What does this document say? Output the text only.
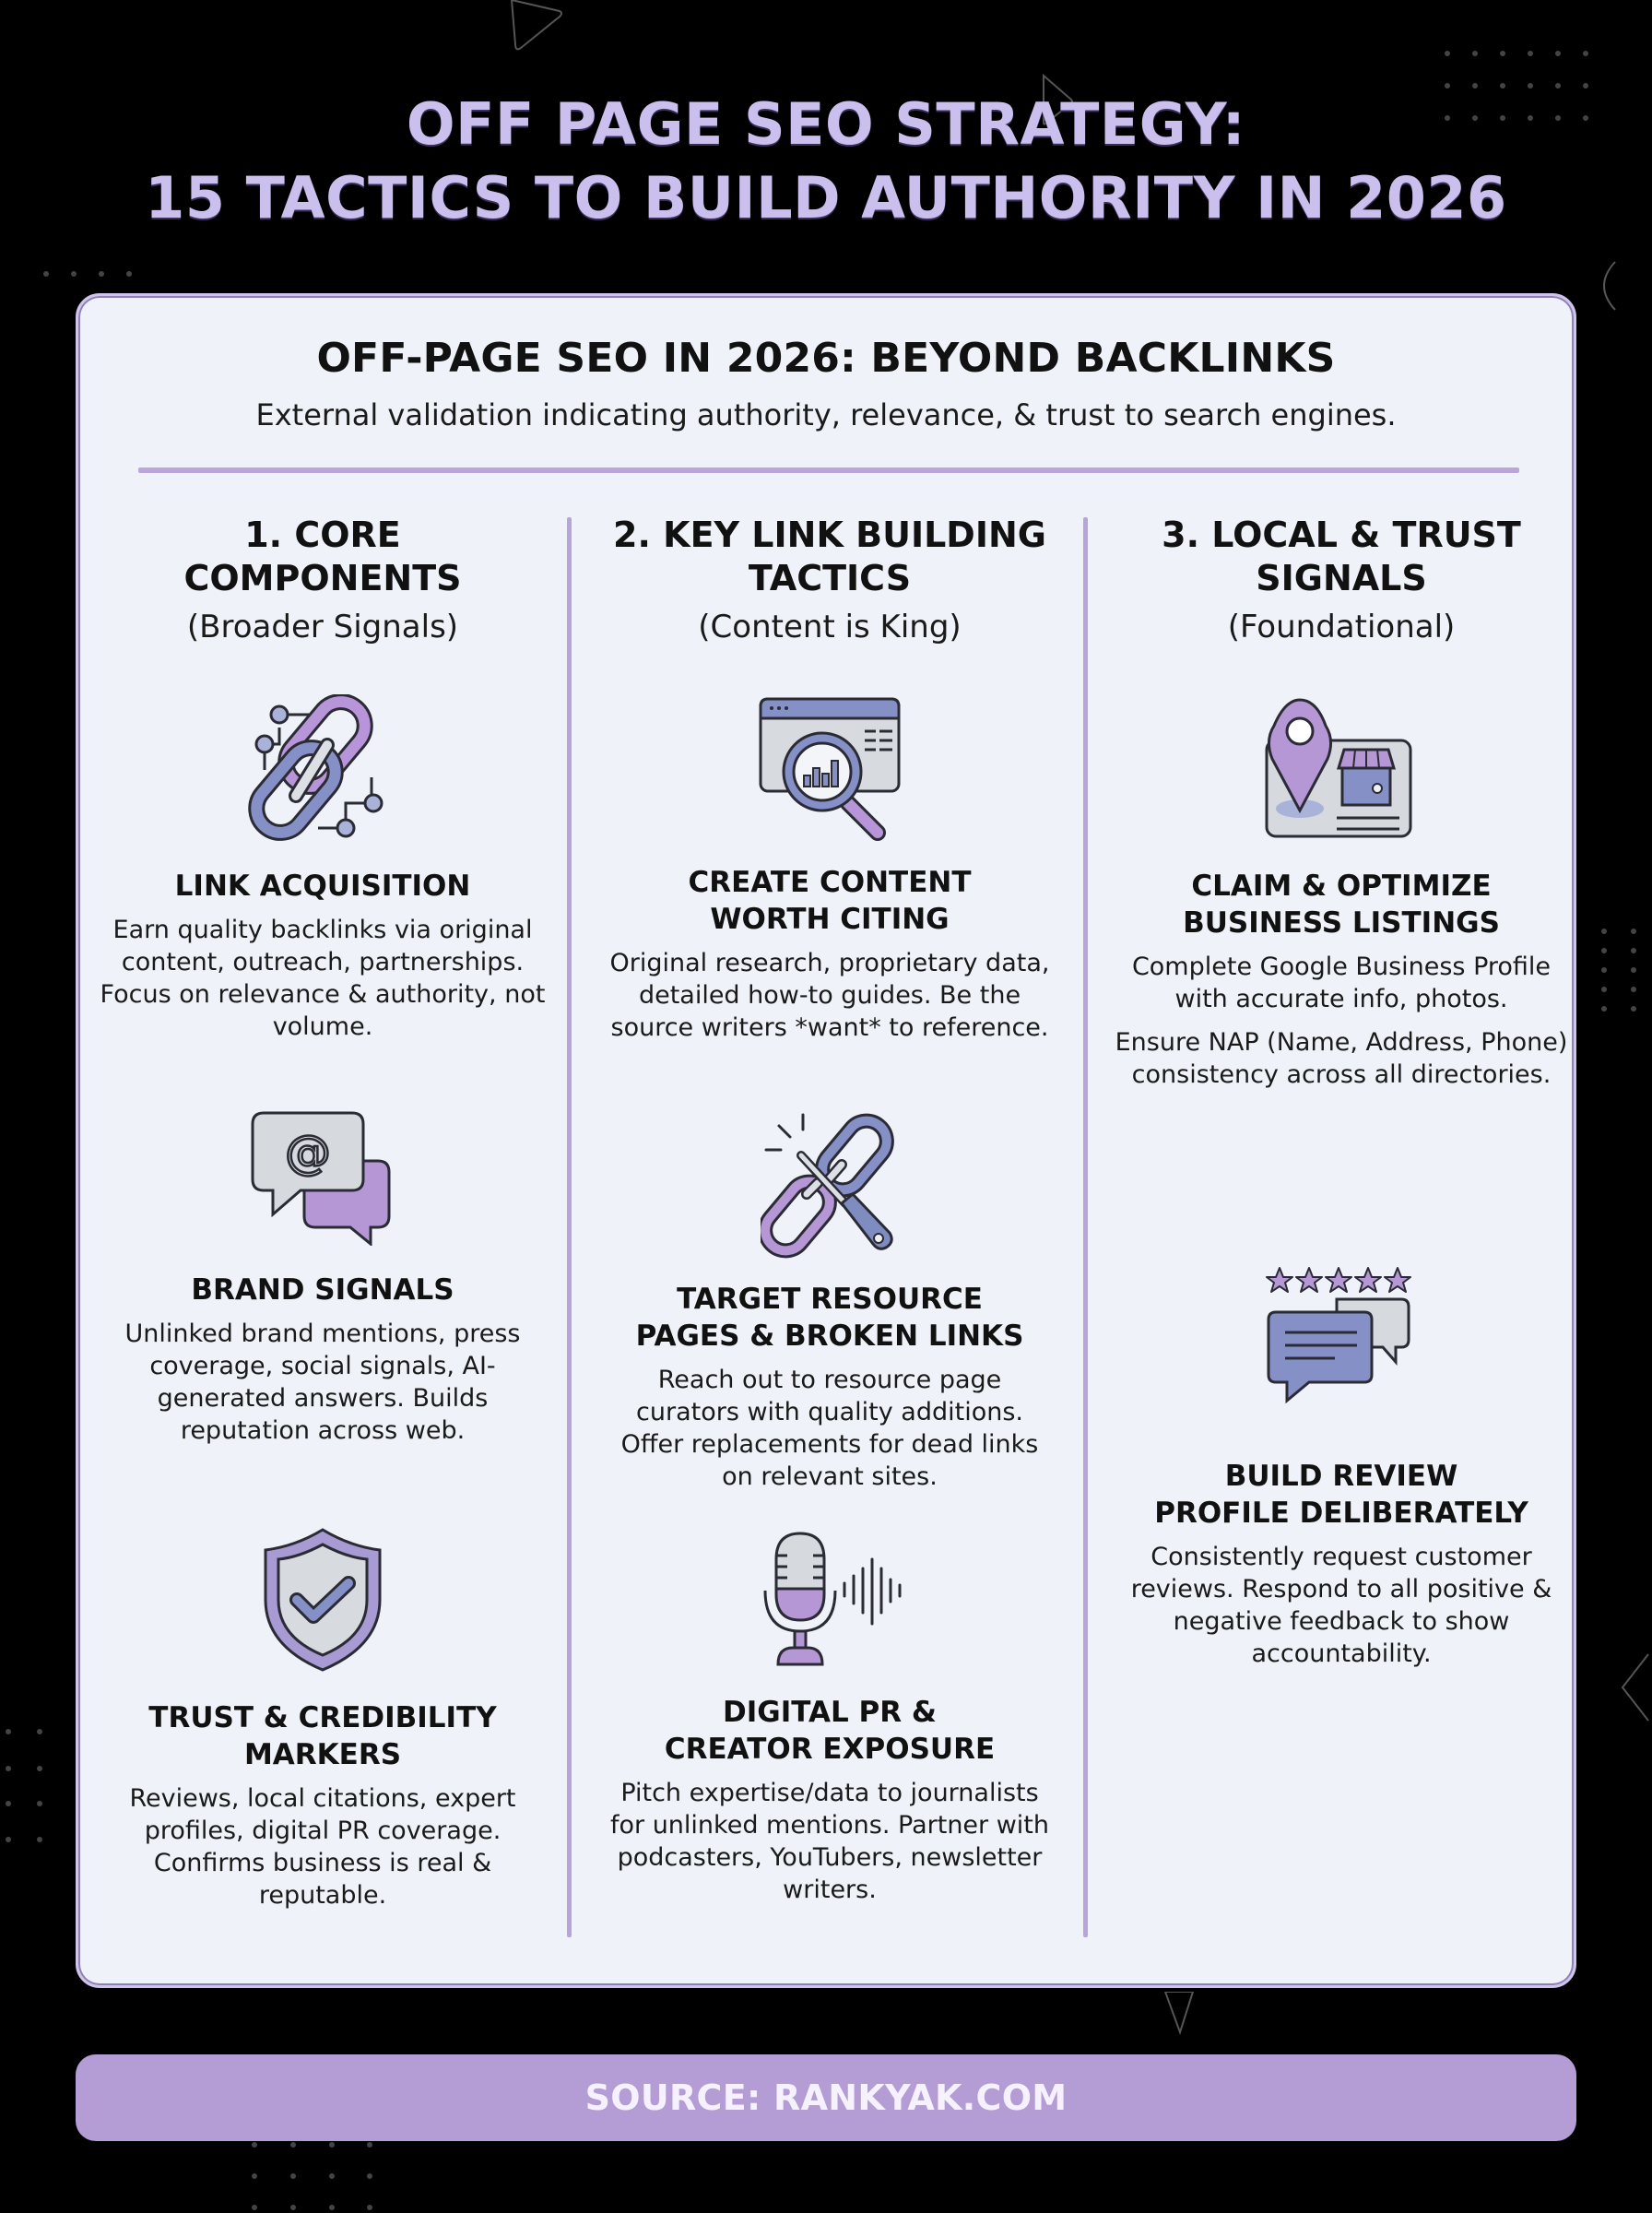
OFF PAGE SEO STRATEGY:
15 TACTICS TO BUILD AUTHORITY IN 2026
OFF-PAGE SEO IN 2026: BEYOND BACKLINKS
External validation indicating authority, relevance, & trust to search engines.
1. CORE
COMPONENTS
(Broader Signals)
LINK ACQUISITION
Earn quality backlinks via original content, outreach, partnerships. Focus on relevance & authority, not volume.
@
BRAND SIGNALS
Unlinked brand mentions, press coverage, social signals, AI-generated answers. Builds reputation across web.
TRUST & CREDIBILITY
MARKERS
Reviews, local citations, expert profiles, digital PR coverage. Confirms business is real & reputable.
2. KEY LINK BUILDING
TACTICS
(Content is King)
CREATE CONTENT
WORTH CITING
Original research, proprietary data, detailed how-to guides. Be the source writers *want* to reference.
TARGET RESOURCE
PAGES & BROKEN LINKS
Reach out to resource page curators with quality additions. Offer replacements for dead links on relevant sites.
DIGITAL PR &
CREATOR EXPOSURE
Pitch expertise/data to journalists for unlinked mentions. Partner with podcasters, YouTubers, newsletter writers.
3. LOCAL & TRUST
SIGNALS
(Foundational)
CLAIM & OPTIMIZE
BUSINESS LISTINGS
Complete Google Business Profile with accurate info, photos.
Ensure NAP (Name, Address, Phone) consistency across all directories.
BUILD REVIEW
PROFILE DELIBERATELY
Consistently request customer reviews. Respond to all positive & negative feedback to show accountability.
SOURCE: RANKYAK.COM
